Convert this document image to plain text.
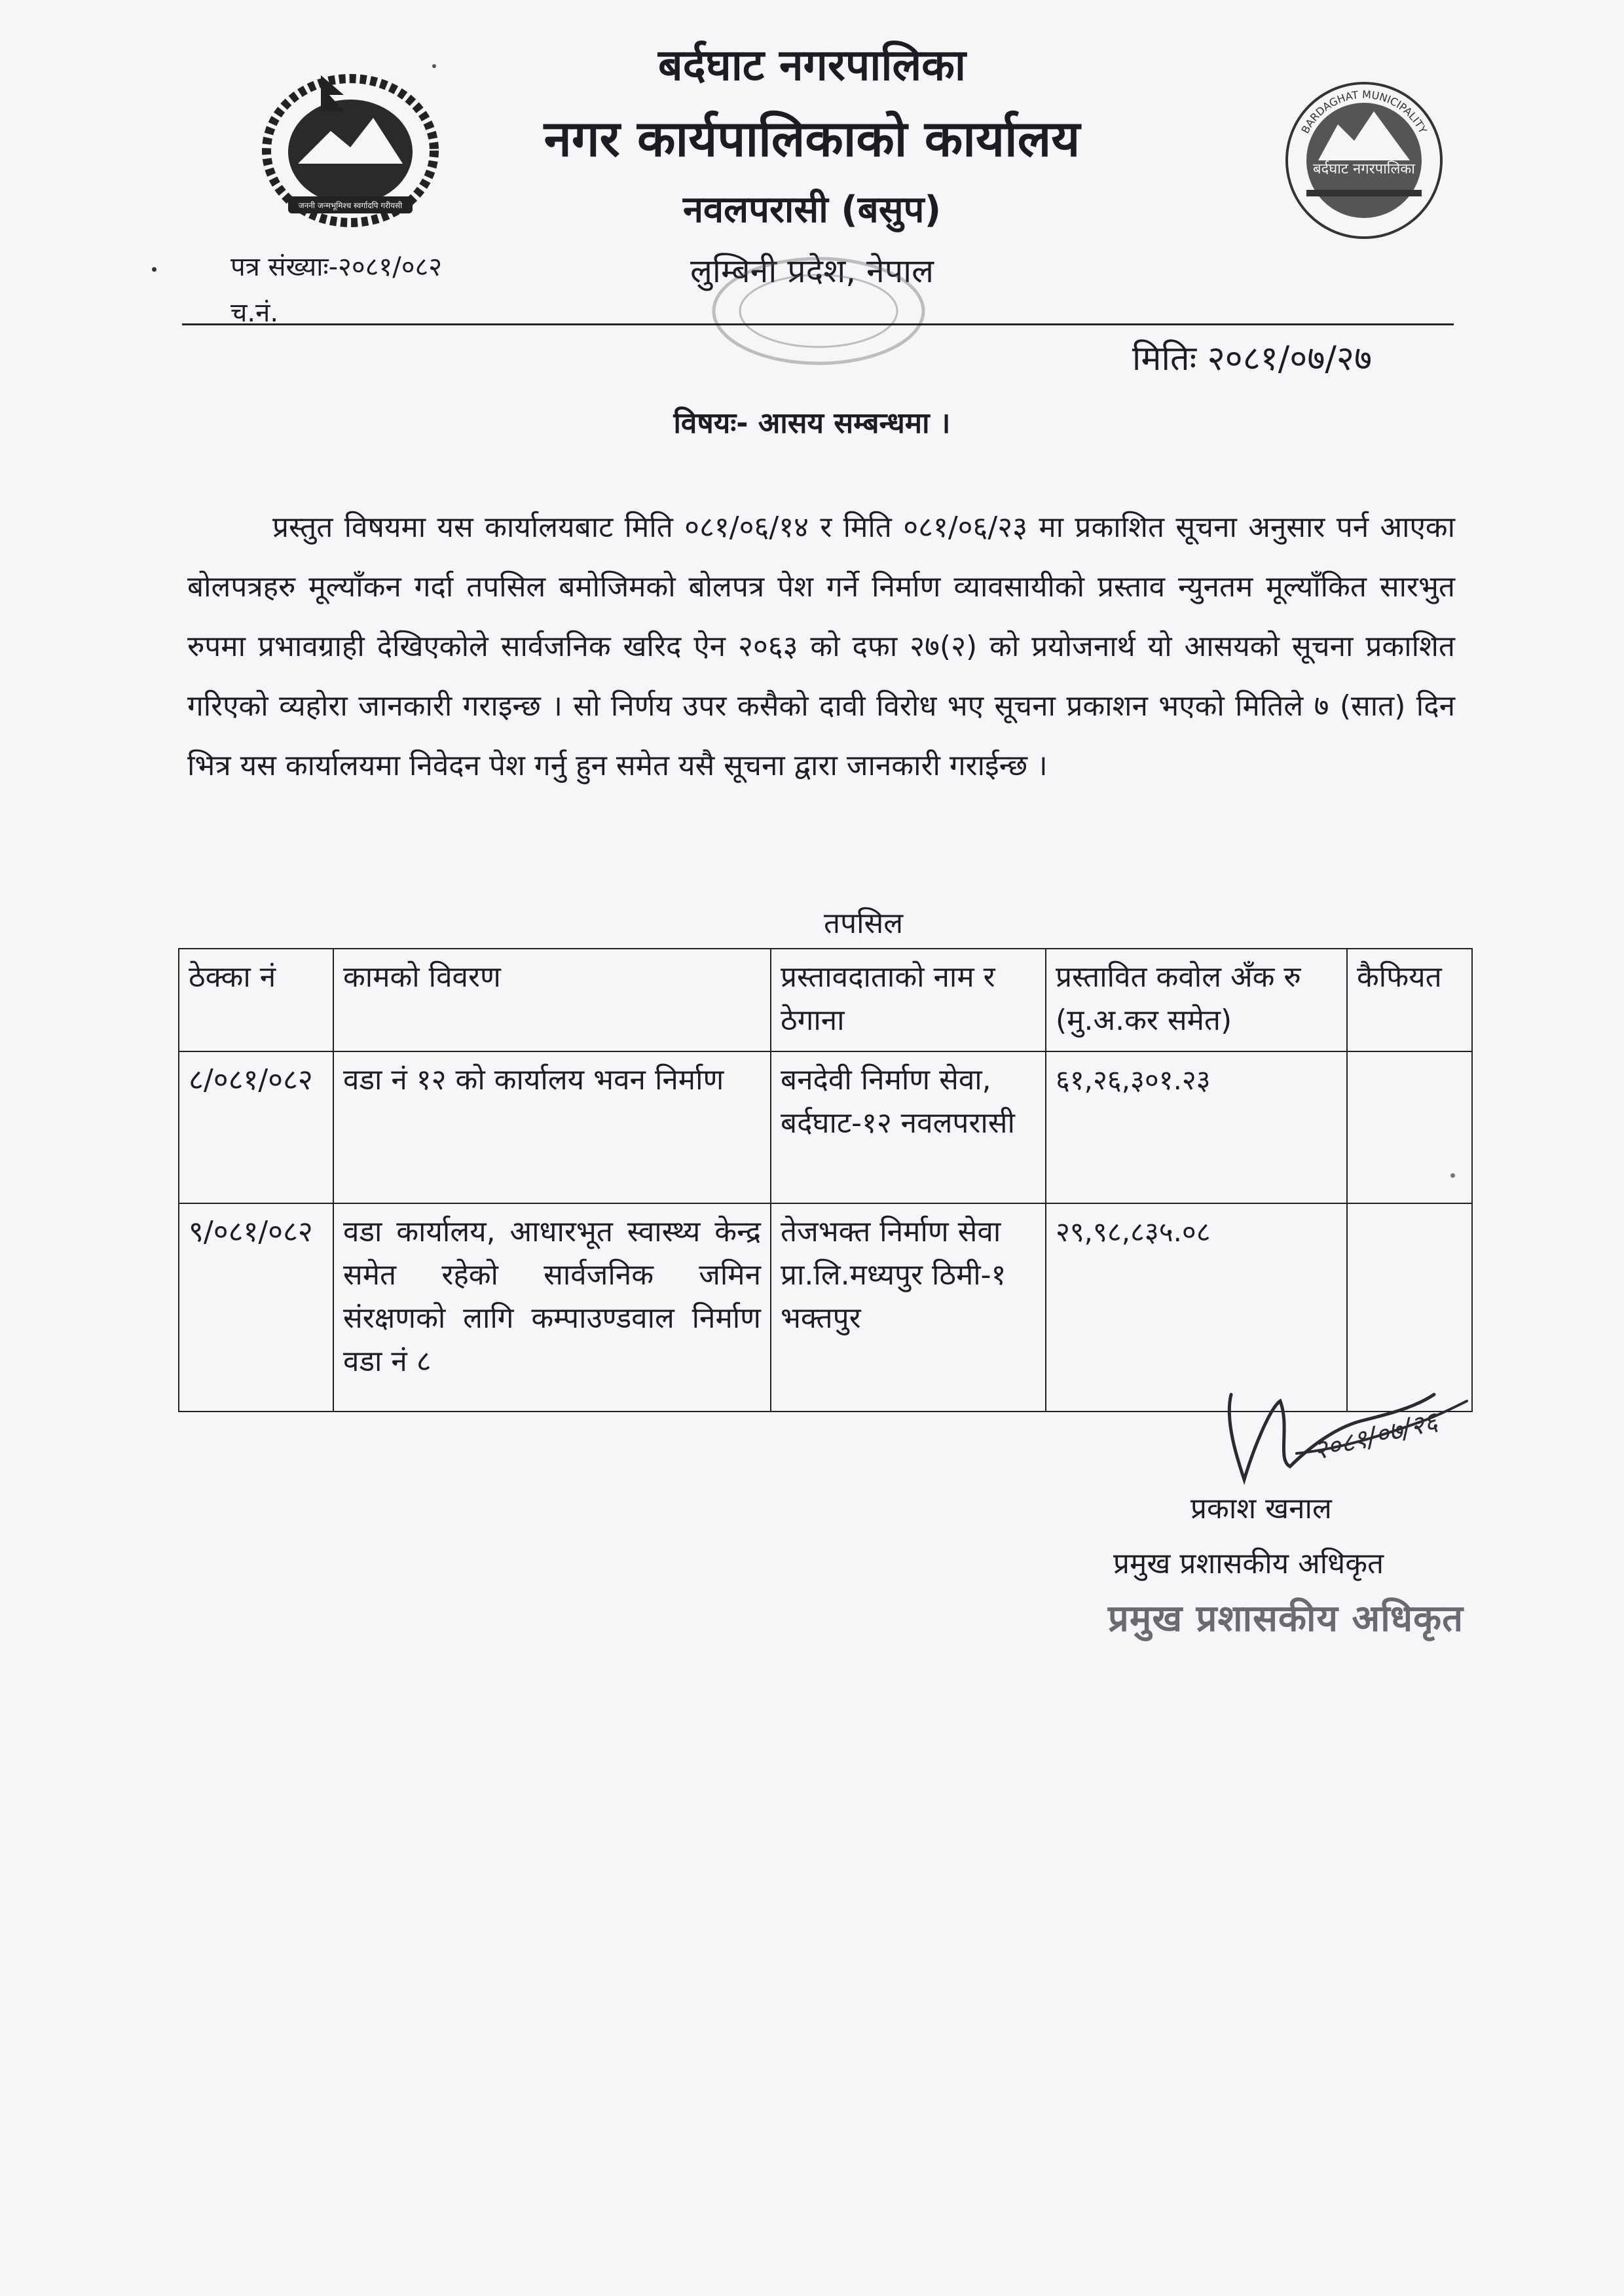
जननी जन्मभूमिश्च स्वर्गादपि गरीयसी
बर्दघाट नगरपालिका
BARDAGHAT MUNICIPALITY
बर्दघाट नगरपालिका
नगर कार्यपालिकाको कार्यालय
नवलपरासी (बसुप)
लुम्बिनी प्रदेश, नेपाल
पत्र संख्याः-२०८१/०८२
च.नं.
मितिः २०८१/०७/२७
विषयः- आसय सम्बन्धमा ।
प्रस्तुत विषयमा यस कार्यालयबाट मिति ०८१/०६/१४ र मिति ०८१/०६/२३ मा प्रकाशित सूचना अनुसार पर्न आएका बोलपत्रहरु मूल्याँकन गर्दा तपसिल बमोजिमको बोलपत्र पेश गर्ने निर्माण व्यावसायीको प्रस्ताव न्युनतम मूल्याँकित सारभुत रुपमा प्रभावग्राही देखिएकोले सार्वजनिक खरिद ऐन २०६३ को दफा २७(२) को प्रयोजनार्थ यो आसयको सूचना प्रकाशित गरिएको व्यहोरा जानकारी गराइन्छ । सो निर्णय उपर कसैको दावी विरोध भए सूचना प्रकाशन भएको मितिले ७ (सात) दिन भित्र यस कार्यालयमा निवेदन पेश गर्नु हुन समेत यसै सूचना द्वारा जानकारी गराईन्छ ।
तपसिल
ठेक्का नं	कामको विवरण	प्रस्तावदाताको नाम र ठेगाना	प्रस्तावित कवोल अँक रु (मु.अ.कर समेत)	कैफियत
८/०८१/०८२	वडा नं १२ को कार्यालय भवन निर्माण	बनदेवी निर्माण सेवा, बर्दघाट-१२ नवलपरासी	६१,२६,३०१.२३	
९/०८१/०८२	वडा कार्यालय, आधारभूत स्वास्थ्य केन्द्र समेत रहेको सार्वजनिक जमिन संरक्षणको लागि कम्पाउण्डवाल निर्माण वडा नं ८	तेजभक्त निर्माण सेवा प्रा.लि.मध्यपुर ठिमी-१ भक्तपुर	२९,९८,८३५.०८	
२०८१/०७/२६
प्रकाश खनाल
प्रमुख प्रशासकीय अधिकृत
प्रमुख प्रशासकीय अधिकृत
